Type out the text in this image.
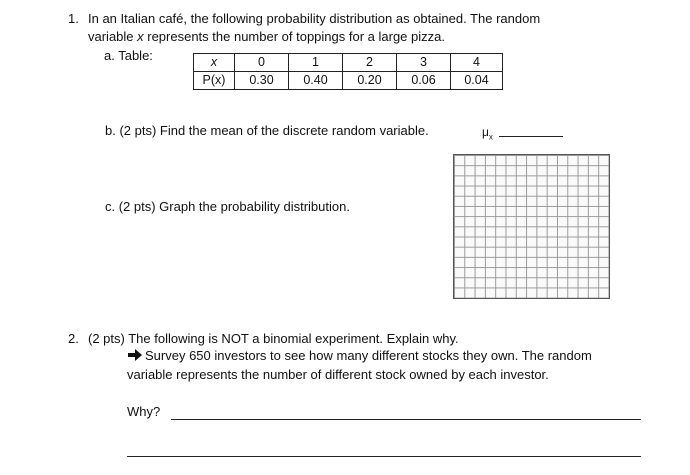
1. In an Italian café, the following probability distribution as obtained. The random
variable x represents the number of toppings for a large pizza.
a. Table:	x	0	1	2	3	4
P(x)	0.30	0.40	0.20	0.06	0.04
b. (2 pts) Find the mean of the discrete random variable.	$\mu_x$
c. (2 pts) Graph the probability distribution.
2. (2 pts) The following is NOT a binomial experiment. Explain why.
Survey 650 investors to see how many different stocks they own. The random
variable represents the number of different stock owned by each investor.
Why?
